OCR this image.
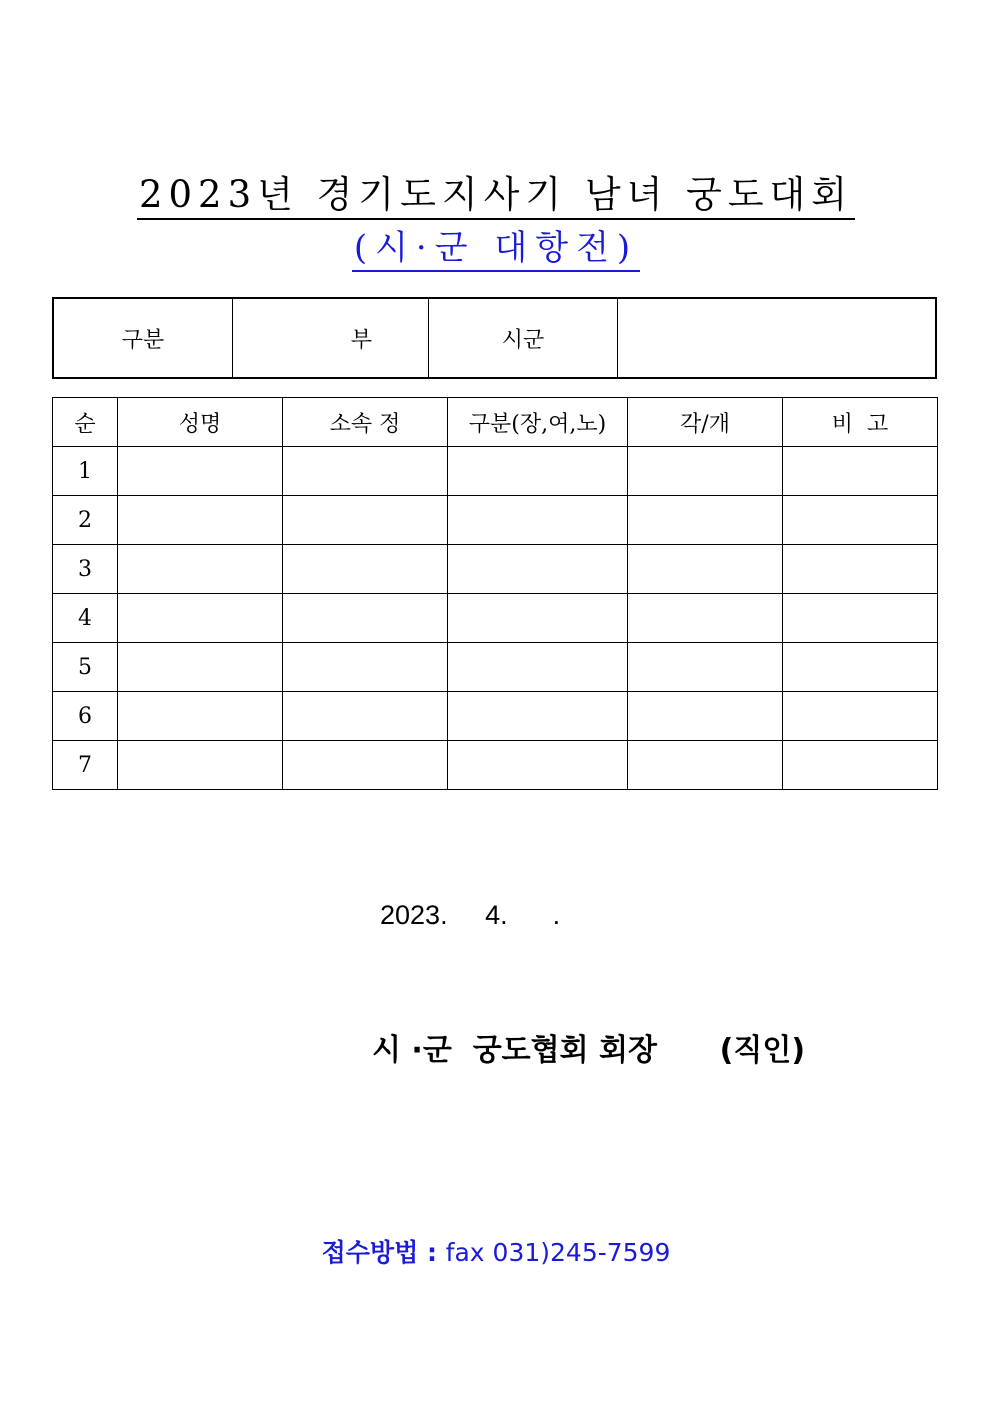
2023년 경기도지사기 남녀 궁도대회
(시·군 대항전)
구분	부	시군	
순	성명	소속 정	구분(장,여,노)	각/개	비  고
1					
2					
3					
4					
5					
6					
7					
2023.     4.      .
시 ·군  궁도협회 회장      (직인)
접수방법 : fax 031)245-7599
